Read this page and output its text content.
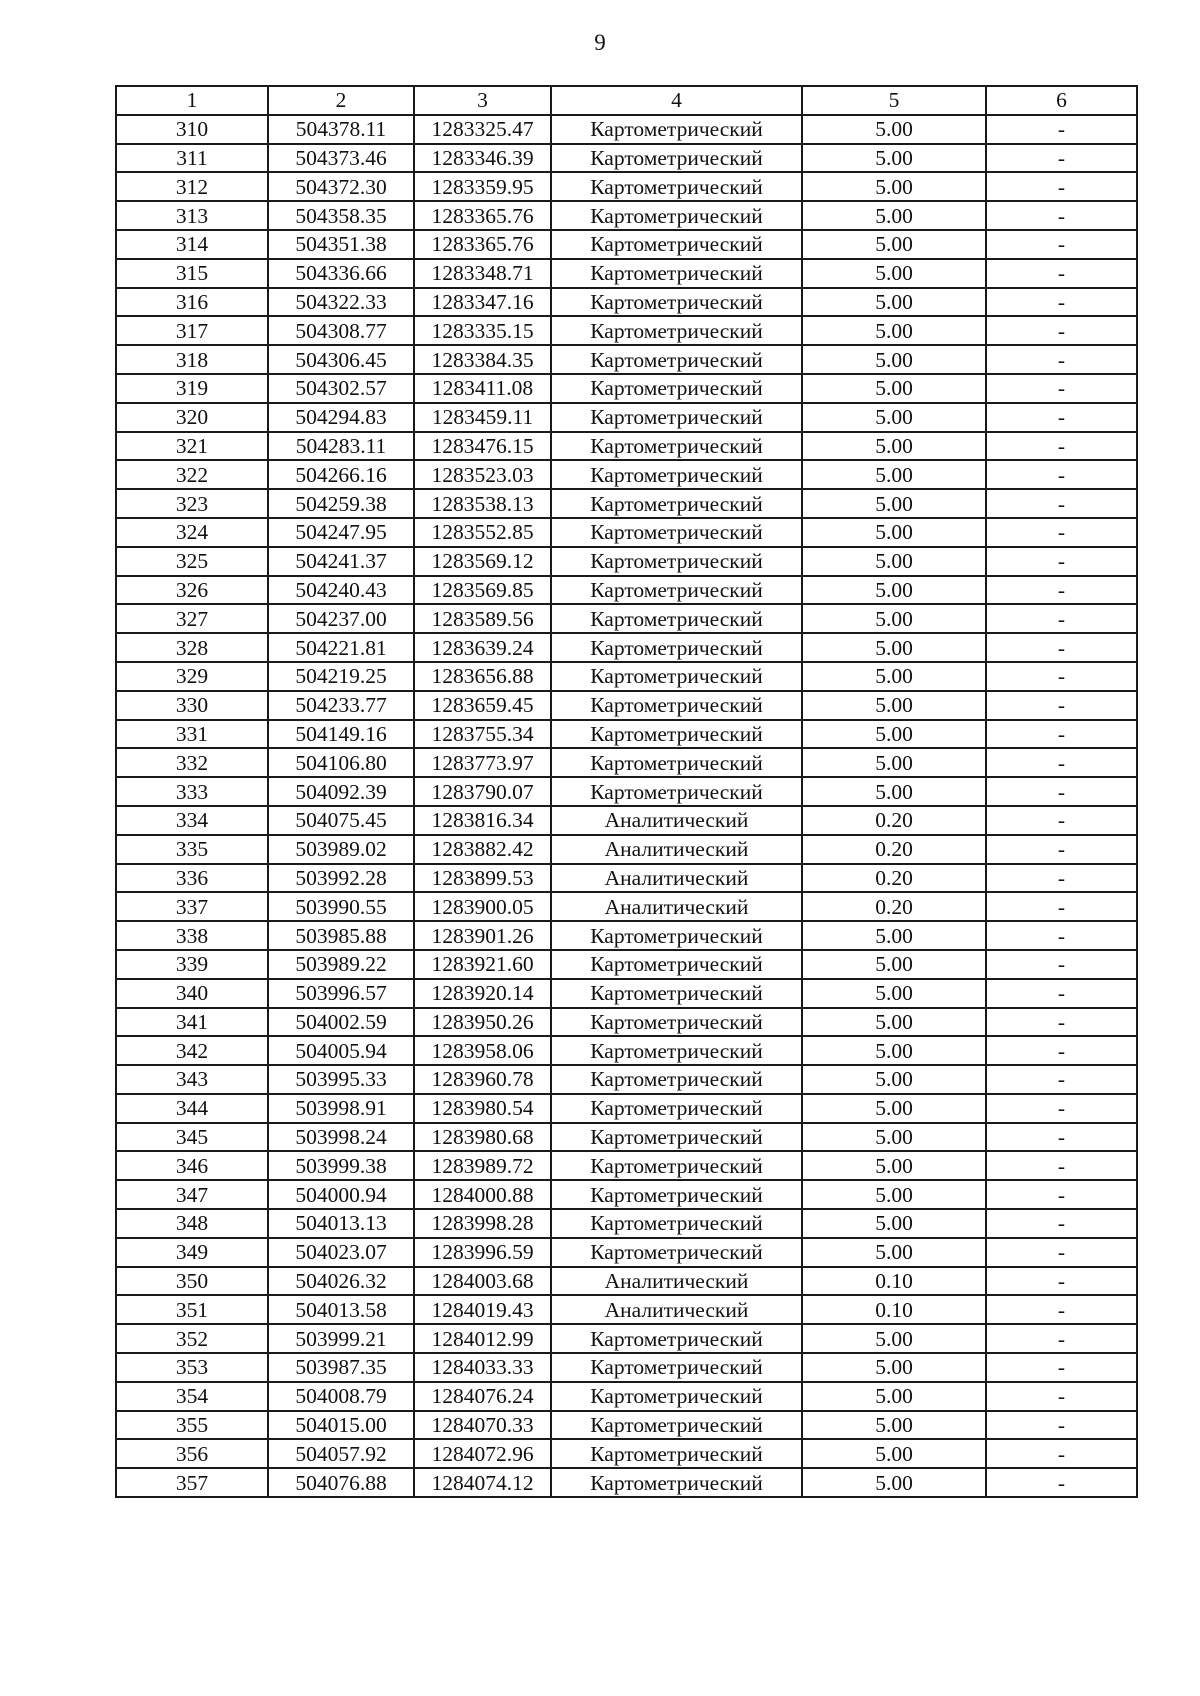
9
1	2	3	4	5	6
310	504378.11	1283325.47	Картометрический	5.00	-
311	504373.46	1283346.39	Картометрический	5.00	-
312	504372.30	1283359.95	Картометрический	5.00	-
313	504358.35	1283365.76	Картометрический	5.00	-
314	504351.38	1283365.76	Картометрический	5.00	-
315	504336.66	1283348.71	Картометрический	5.00	-
316	504322.33	1283347.16	Картометрический	5.00	-
317	504308.77	1283335.15	Картометрический	5.00	-
318	504306.45	1283384.35	Картометрический	5.00	-
319	504302.57	1283411.08	Картометрический	5.00	-
320	504294.83	1283459.11	Картометрический	5.00	-
321	504283.11	1283476.15	Картометрический	5.00	-
322	504266.16	1283523.03	Картометрический	5.00	-
323	504259.38	1283538.13	Картометрический	5.00	-
324	504247.95	1283552.85	Картометрический	5.00	-
325	504241.37	1283569.12	Картометрический	5.00	-
326	504240.43	1283569.85	Картометрический	5.00	-
327	504237.00	1283589.56	Картометрический	5.00	-
328	504221.81	1283639.24	Картометрический	5.00	-
329	504219.25	1283656.88	Картометрический	5.00	-
330	504233.77	1283659.45	Картометрический	5.00	-
331	504149.16	1283755.34	Картометрический	5.00	-
332	504106.80	1283773.97	Картометрический	5.00	-
333	504092.39	1283790.07	Картометрический	5.00	-
334	504075.45	1283816.34	Аналитический	0.20	-
335	503989.02	1283882.42	Аналитический	0.20	-
336	503992.28	1283899.53	Аналитический	0.20	-
337	503990.55	1283900.05	Аналитический	0.20	-
338	503985.88	1283901.26	Картометрический	5.00	-
339	503989.22	1283921.60	Картометрический	5.00	-
340	503996.57	1283920.14	Картометрический	5.00	-
341	504002.59	1283950.26	Картометрический	5.00	-
342	504005.94	1283958.06	Картометрический	5.00	-
343	503995.33	1283960.78	Картометрический	5.00	-
344	503998.91	1283980.54	Картометрический	5.00	-
345	503998.24	1283980.68	Картометрический	5.00	-
346	503999.38	1283989.72	Картометрический	5.00	-
347	504000.94	1284000.88	Картометрический	5.00	-
348	504013.13	1283998.28	Картометрический	5.00	-
349	504023.07	1283996.59	Картометрический	5.00	-
350	504026.32	1284003.68	Аналитический	0.10	-
351	504013.58	1284019.43	Аналитический	0.10	-
352	503999.21	1284012.99	Картометрический	5.00	-
353	503987.35	1284033.33	Картометрический	5.00	-
354	504008.79	1284076.24	Картометрический	5.00	-
355	504015.00	1284070.33	Картометрический	5.00	-
356	504057.92	1284072.96	Картометрический	5.00	-
357	504076.88	1284074.12	Картометрический	5.00	-
